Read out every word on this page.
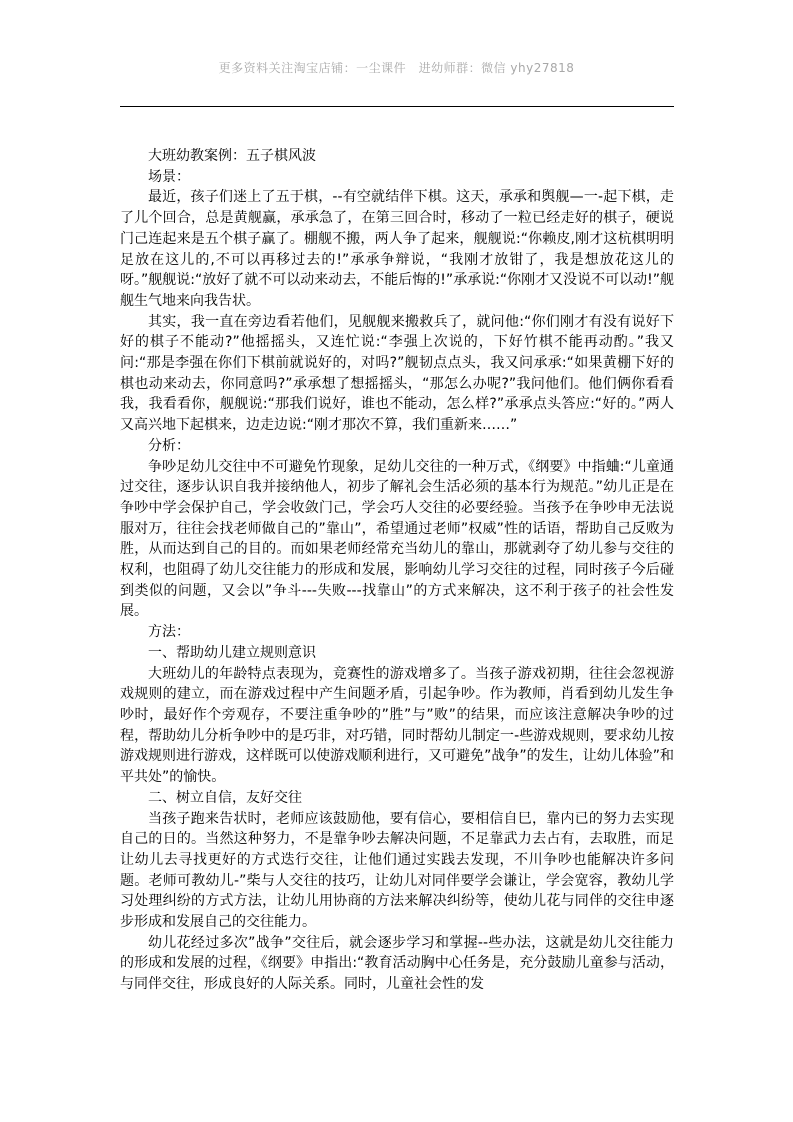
更多资料关注淘宝店铺：一尘课件　进幼师群：微信 yhy27818

大班幼教案例：五子棋风波

场景：

最近，孩子们迷上了五于棋，--有空就结伴下棋。这天，承承和舆舰—一-起下棋，走了儿个回合，总是黄舰赢，承承急了，在第三回合时，移动了一粒已经走好的棋子，硬说门己连起来是五个棋子赢了。棚舰不搬，两人争了起来，舰舰说:“你赖皮,刚才这杭棋明明足放在这儿的,不可以再移过去的!”承承争辩说，“我刚才放钳了，我是想放花这儿的呀。”舰舰说:“放好了就不可以动来动去，不能后悔的!”承承说:“你刚才又没说不可以动!”舰舰生气地来向我告状。

其实，我一直在旁边看若他们，见舰舰来搬救兵了，就问他:“你们刚才有没有说好下好的棋子不能动?”他摇摇头，又连忙说:“李强上次说的，下好竹棋不能再动酌。”我又问:“那是李强在你们下棋前就说好的，对吗?”舰韧点点头，我又问承承:“如果黄棚下好的棋也动来动去，你同意吗?”承承想了想摇摇头，“那怎么办呢?”我问他们。他们俩你看看我，我看看你，舰舰说:“那我们说好，谁也不能动，怎么样?”承承点头答应:“好的。”两人又高兴地下起棋来，边走边说:“刚才那次不算，我们重新来……”

分析：

争吵足幼儿交往中不可避免竹现象，足幼儿交往的一种万式，《纲要》中指蛐:“儿童通过交往，逐步认识自我并接纳他人，初步了解礼会生活必须的基本行为规范。”幼儿正是在争吵中学会保护自己，学会收敛门己，学会巧人交往的必要经验。当孩予在争吵申无法说服对万，往往会找老师做自己的”靠山”，希望通过老师”权威”性的话语，帮助自己反败为胜，从而达到自己的目的。而如果老师经常充当幼儿的靠山，那就剥夺了幼儿参与交往的权利，也阻碍了幼儿交往能力的形成和发展，影响幼儿学习交往的过程，同时孩子今后碰到类似的问题，又会以”争斗---失败---找靠山”的方式来解决，这不利于孩子的社会性发展。

方法：

一、帮助幼儿建立规则意识

大班幼儿的年龄特点表现为，竞赛性的游戏增多了。当孩子游戏初期，往往会忽视游戏规则的建立，而在游戏过程中产生间题矛盾，引起争吵。作为教师，肖看到幼儿发生争吵时，最好作个旁观存，不要注重争吵的”胜”与”败”的结果，而应该注意解决争吵的过程，帮助幼儿分析争吵中的是巧非，对巧错，同时帮幼儿制定一-些游戏规则，要求幼儿按游戏规则进行游戏，这样既可以使游戏顺利进行，又可避免”战争”的发生，让幼儿体验”和平共处”的愉快。

二、树立自信，友好交往

当孩子跑来告状时，老师应该鼓励他，要有信心，要相信自巳，靠内已的努力去实现自己的日的。当然这种努力，不是靠争吵去解决问题，不足靠武力去占有，去取胜，而足让幼儿去寻找更好的方式迭行交往，让他们通过实践去发现，不川争吵也能解决许多问题。老师可教幼儿-”柴与人交往的技巧，让幼儿对同伴要学会谦让，学会宽容，教幼儿学习处理纠纷的方式方法，让幼儿用协商的方法来解决纠纷等，使幼儿花与同伴的交往申逐步形成和发展自己的交往能力。

幼儿花经过多次”战争”交往后，就会逐步学习和掌握--些办法，这就是幼儿交往能力的形成和发展的过程，《纲要》申指出:“教育活动胸中心任务是，充分鼓励儿童参与活动，与同伴交往，形成良好的人际关系。同时，儿童社会性的发
